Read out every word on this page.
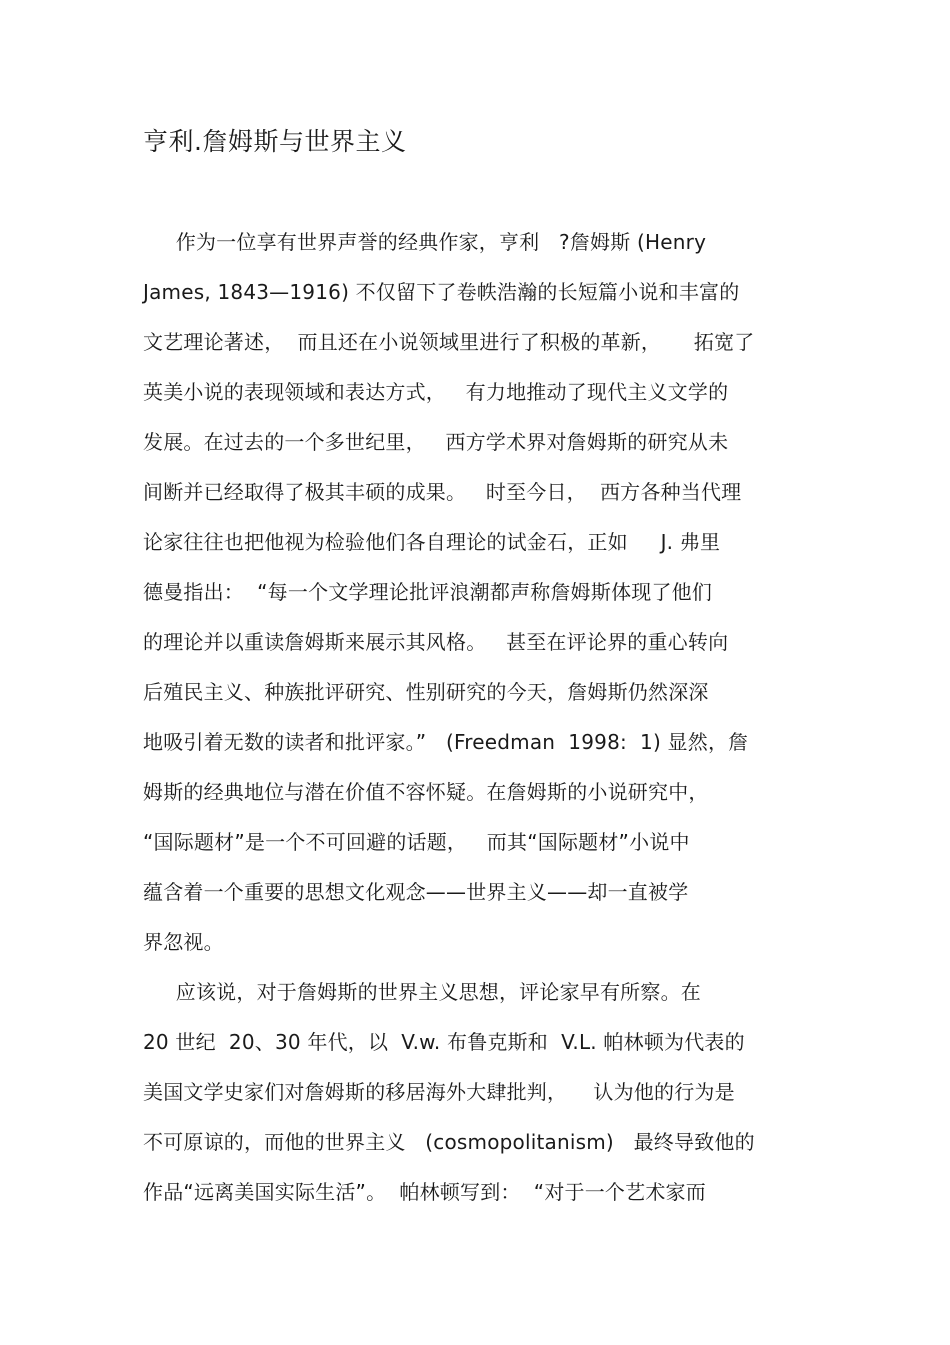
亨利.詹姆斯与世界主义
作为一位享有世界声誉的经典作家，亨利   ?詹姆斯 (Henry
James, 1843—1916) 不仅留下了卷帙浩瀚的长短篇小说和丰富的
文艺理论著述，  而且还在小说领域里进行了积极的革新，     拓宽了
英美小说的表现领域和表达方式，   有力地推动了现代主义文学的
发展。在过去的一个多世纪里，   西方学术界对詹姆斯的研究从未
间断并已经取得了极其丰硕的成果。   时至今日，  西方各种当代理
论家往往也把他视为检验他们各自理论的试金石，正如     J. 弗里
德曼指出：  “每一个文学理论批评浪潮都声称詹姆斯体现了他们
的理论并以重读詹姆斯来展示其风格。   甚至在评论界的重心转向
后殖民主义、种族批评研究、性别研究的今天，詹姆斯仍然深深
地吸引着无数的读者和批评家。”   (Freedman  1998:  1) 显然，詹
姆斯的经典地位与潜在价值不容怀疑。在詹姆斯的小说研究中，
“国际题材”是一个不可回避的话题，   而其“国际题材”小说中
蕴含着一个重要的思想文化观念——世界主义——却一直被学
界忽视。
应该说，对于詹姆斯的世界主义思想，评论家早有所察。在
20 世纪  20、30 年代，以  V.w. 布鲁克斯和  V.L. 帕林顿为代表的
美国文学史家们对詹姆斯的移居海外大肆批判，    认为他的行为是
不可原谅的，而他的世界主义   (cosmopolitanism)   最终导致他的
作品“远离美国实际生活”。  帕林顿写到：  “对于一个艺术家而
